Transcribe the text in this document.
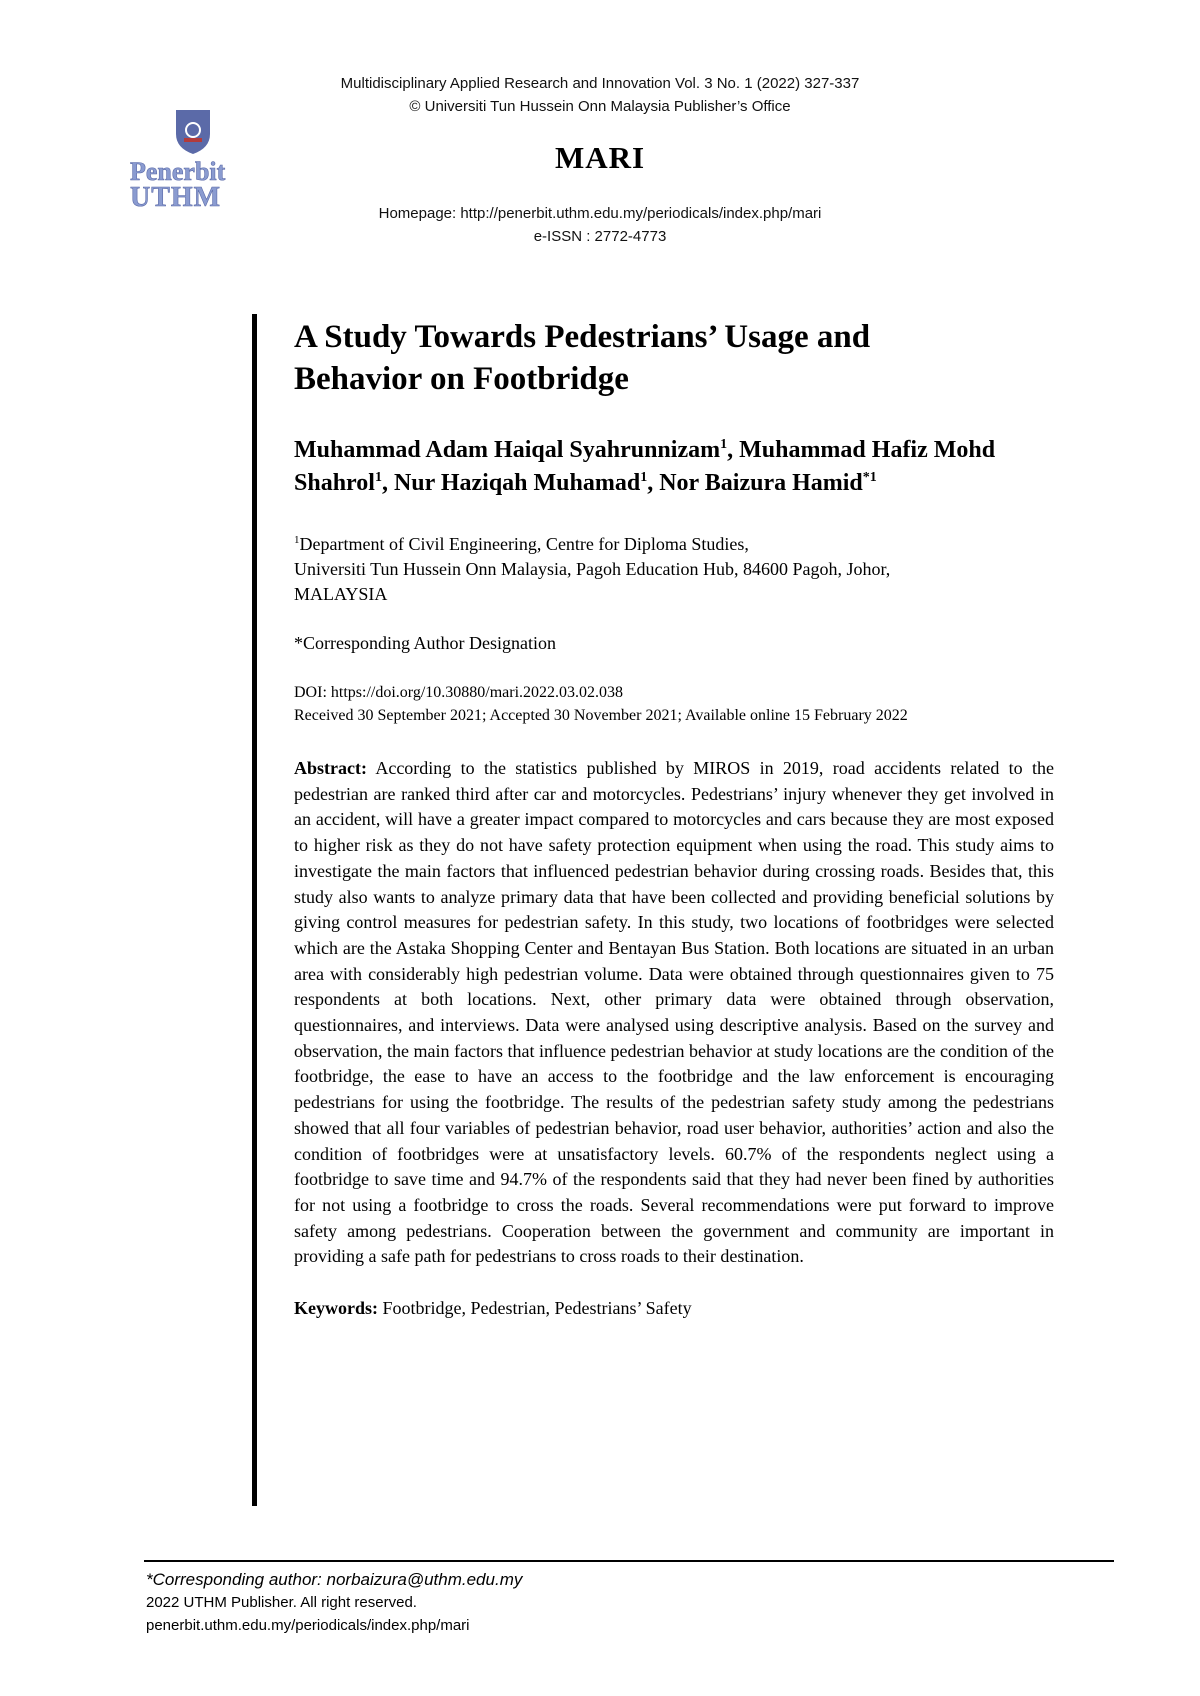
Multidisciplinary Applied Research and Innovation Vol. 3 No. 1 (2022) 327-337
© Universiti Tun Hussein Onn Malaysia Publisher’s Office
Penerbit
UTHM
MARI
Homepage: http://penerbit.uthm.edu.my/periodicals/index.php/mari
e-ISSN : 2772-4773
A Study Towards Pedestrians’ Usage and
Behavior on Footbridge
Muhammad Adam Haiqal Syahrunnizam$^1$, Muhammad Hafiz Mohd Shahrol$^1$, Nur Haziqah Muhamad$^1$, Nor Baizura Hamid$^{*1}$
$^1$Department of Civil Engineering, Centre for Diploma Studies,
Universiti Tun Hussein Onn Malaysia, Pagoh Education Hub, 84600 Pagoh, Johor,
MALAYSIA
*Corresponding Author Designation
DOI: https://doi.org/10.30880/mari.2022.03.02.038
Received 30 September 2021; Accepted 30 November 2021; Available online 15 February 2022
Abstract: According to the statistics published by MIROS in 2019, road accidents related to the pedestrian are ranked third after car and motorcycles. Pedestrians’ injury whenever they get involved in an accident, will have a greater impact compared to motorcycles and cars because they are most exposed to higher risk as they do not have safety protection equipment when using the road. This study aims to investigate the main factors that influenced pedestrian behavior during crossing roads. Besides that, this study also wants to analyze primary data that have been collected and providing beneficial solutions by giving control measures for pedestrian safety. In this study, two locations of footbridges were selected which are the Astaka Shopping Center and Bentayan Bus Station. Both locations are situated in an urban area with considerably high pedestrian volume. Data were obtained through questionnaires given to 75 respondents at both locations. Next, other primary data were obtained through observation, questionnaires, and interviews. Data were analysed using descriptive analysis. Based on the survey and observation, the main factors that influence pedestrian behavior at study locations are the condition of the footbridge, the ease to have an access to the footbridge and the law enforcement is encouraging pedestrians for using the footbridge. The results of the pedestrian safety study among the pedestrians showed that all four variables of pedestrian behavior, road user behavior, authorities’ action and also the condition of footbridges were at unsatisfactory levels. 60.7% of the respondents neglect using a footbridge to save time and 94.7% of the respondents said that they had never been fined by authorities for not using a footbridge to cross the roads. Several recommendations were put forward to improve safety among pedestrians. Cooperation between the government and community are important in providing a safe path for pedestrians to cross roads to their destination.
Keywords: Footbridge, Pedestrian, Pedestrians’ Safety
*Corresponding author: norbaizura@uthm.edu.my
2022 UTHM Publisher. All right reserved.
penerbit.uthm.edu.my/periodicals/index.php/mari
